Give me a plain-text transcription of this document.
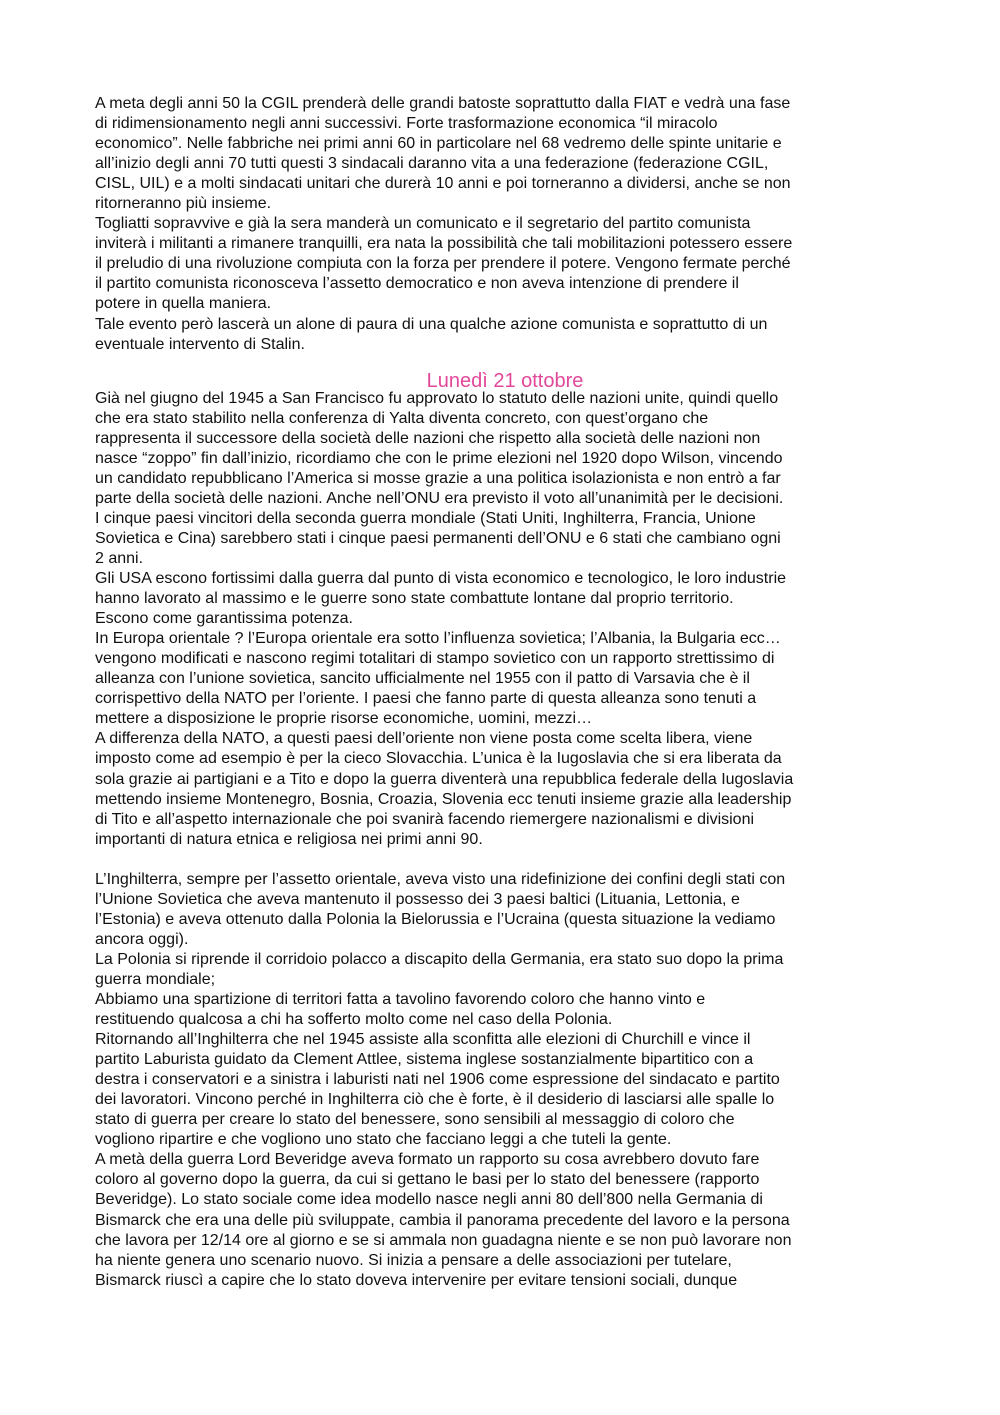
A meta degli anni 50 la CGIL prenderà delle grandi batoste soprattutto dalla FIAT e vedrà una fase
di ridimensionamento negli anni successivi. Forte trasformazione economica “il miracolo
economico”. Nelle fabbriche nei primi anni 60 in particolare nel 68 vedremo delle spinte unitarie e
all’inizio degli anni 70 tutti questi 3 sindacali daranno vita a una federazione (federazione CGIL,
CISL, UIL) e a molti sindacati unitari che durerà 10 anni e poi torneranno a dividersi, anche se non
ritorneranno più insieme.
Togliatti sopravvive e già la sera manderà un comunicato e il segretario del partito comunista
inviterà i militanti a rimanere tranquilli, era nata la possibilità che tali mobilitazioni potessero essere
il preludio di una rivoluzione compiuta con la forza per prendere il potere. Vengono fermate perché
il partito comunista riconosceva l’assetto democratico e non aveva intenzione di prendere il
potere in quella maniera.
Tale evento però lascerà un alone di paura di una qualche azione comunista e soprattutto di un
eventuale intervento di Stalin.
Lunedì 21 ottobre
Già nel giugno del 1945 a San Francisco fu approvato lo statuto delle nazioni unite, quindi quello
che era stato stabilito nella conferenza di Yalta diventa concreto, con quest’organo che
rappresenta il successore della società delle nazioni che rispetto alla società delle nazioni non
nasce “zoppo” fin dall’inizio, ricordiamo che con le prime elezioni nel 1920 dopo Wilson, vincendo
un candidato repubblicano l’America si mosse grazie a una politica isolazionista e non entrò a far
parte della società delle nazioni. Anche nell’ONU era previsto il voto all’unanimità per le decisioni.
I cinque paesi vincitori della seconda guerra mondiale (Stati Uniti, Inghilterra, Francia, Unione
Sovietica e Cina) sarebbero stati i cinque paesi permanenti dell’ONU e 6 stati che cambiano ogni
2 anni.
Gli USA escono fortissimi dalla guerra dal punto di vista economico e tecnologico, le loro industrie
hanno lavorato al massimo e le guerre sono state combattute lontane dal proprio territorio.
Escono come garantissima potenza.
In Europa orientale ? l’Europa orientale era sotto l’influenza sovietica; l’Albania, la Bulgaria ecc…
vengono modificati e nascono regimi totalitari di stampo sovietico con un rapporto strettissimo di
alleanza con l’unione sovietica, sancito ufficialmente nel 1955 con il patto di Varsavia che è il
corrispettivo della NATO per l’oriente. I paesi che fanno parte di questa alleanza sono tenuti a
mettere a disposizione le proprie risorse economiche, uomini, mezzi…
A differenza della NATO, a questi paesi dell’oriente non viene posta come scelta libera, viene
imposto come ad esempio è per la cieco Slovacchia. L’unica è la Iugoslavia che si era liberata da
sola grazie ai partigiani e a Tito e dopo la guerra diventerà una repubblica federale della Iugoslavia
mettendo insieme Montenegro, Bosnia, Croazia, Slovenia ecc tenuti insieme grazie alla leadership
di Tito e all’aspetto internazionale che poi svanirà facendo riemergere nazionalismi e divisioni
importanti di natura etnica e religiosa nei primi anni 90.
L’Inghilterra, sempre per l’assetto orientale, aveva visto una ridefinizione dei confini degli stati con
l’Unione Sovietica che aveva mantenuto il possesso dei 3 paesi baltici (Lituania, Lettonia, e
l’Estonia) e aveva ottenuto dalla Polonia la Bielorussia e l’Ucraina (questa situazione la vediamo
ancora oggi).
La Polonia si riprende il corridoio polacco a discapito della Germania, era stato suo dopo la prima
guerra mondiale;
Abbiamo una spartizione di territori fatta a tavolino favorendo coloro che hanno vinto e
restituendo qualcosa a chi ha sofferto molto come nel caso della Polonia.
Ritornando all’Inghilterra che nel 1945 assiste alla sconfitta alle elezioni di Churchill e vince il
partito Laburista guidato da Clement Attlee, sistema inglese sostanzialmente bipartitico con a
destra i conservatori e a sinistra i laburisti nati nel 1906 come espressione del sindacato e partito
dei lavoratori. Vincono perché in Inghilterra ciò che è forte, è il desiderio di lasciarsi alle spalle lo
stato di guerra per creare lo stato del benessere, sono sensibili al messaggio di coloro che
vogliono ripartire e che vogliono uno stato che facciano leggi a che tuteli la gente.
A metà della guerra Lord Beveridge aveva formato un rapporto su cosa avrebbero dovuto fare
coloro al governo dopo la guerra, da cui si gettano le basi per lo stato del benessere (rapporto
Beveridge). Lo stato sociale come idea modello nasce negli anni 80 dell’800 nella Germania di
Bismarck che era una delle più sviluppate, cambia il panorama precedente del lavoro e la persona
che lavora per 12/14 ore al giorno e se si ammala non guadagna niente e se non può lavorare non
ha niente genera uno scenario nuovo. Si inizia a pensare a delle associazioni per tutelare,
Bismarck riuscì a capire che lo stato doveva intervenire per evitare tensioni sociali, dunque
